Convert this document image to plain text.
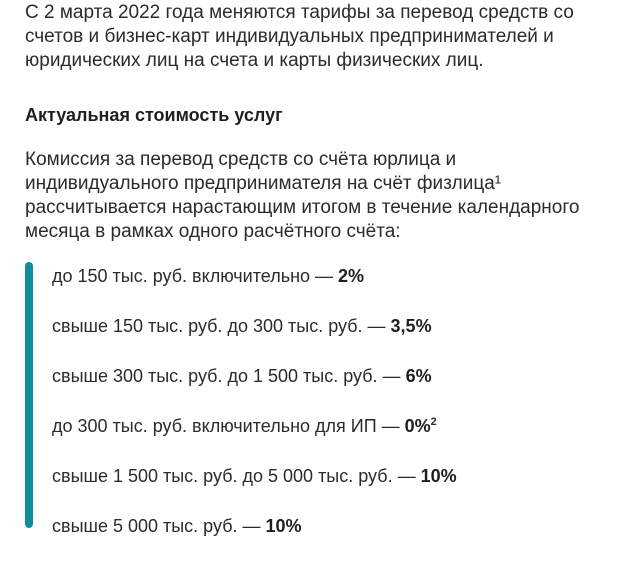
С 2 марта 2022 года меняются тарифы за перевод средств со счетов и бизнес-карт индивидуальных предпринимателей и юридических лиц на счета и карты физических лиц.

Актуальная стоимость услуг

Комиссия за перевод средств со счёта юрлица и индивидуального предпринимателя на счёт физлица¹ рассчитывается нарастающим итогом в течение календарного месяца в рамках одного расчётного счёта:

до 150 тыс. руб. включительно — 2%
свыше 150 тыс. руб. до 300 тыс. руб. — 3,5%
свыше 300 тыс. руб. до 1 500 тыс. руб. — 6%
до 300 тыс. руб. включительно для ИП — 0%$^2$
свыше 1 500 тыс. руб. до 5 000 тыс. руб. — 10%
свыше 5 000 тыс. руб. — 10%
